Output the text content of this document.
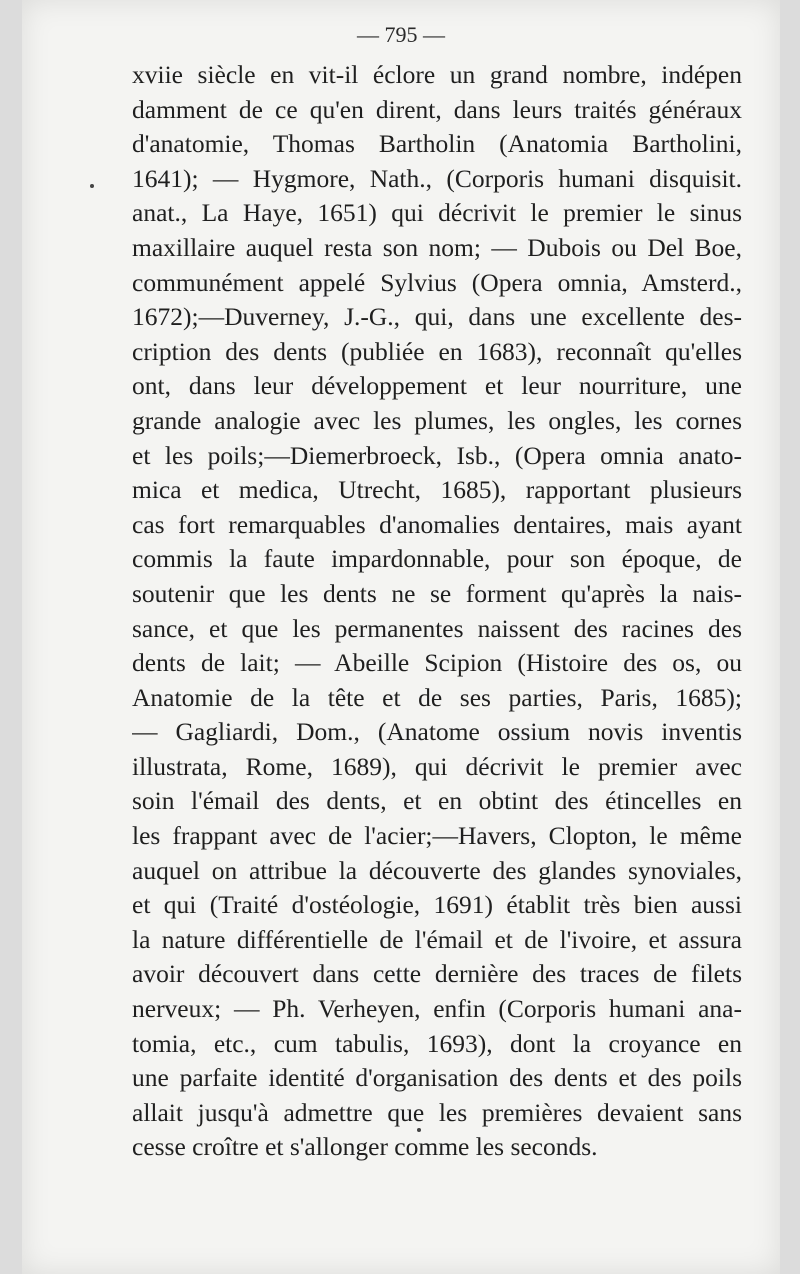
— 795 —
xviie siècle en vit-il éclore un grand nombre, indépen
damment de ce qu'en dirent, dans leurs traités généraux
d'anatomie, Thomas Bartholin (Anatomia Bartholini,
1641); — Hygmore, Nath., (Corporis humani disquisit.
anat., La Haye, 1651) qui décrivit le premier le sinus
maxillaire auquel resta son nom; — Dubois ou Del Boe,
communément appelé Sylvius (Opera omnia, Amsterd.,
1672);—Duverney, J.-G., qui, dans une excellente des-
cription des dents (publiée en 1683), reconnaît qu'elles
ont, dans leur développement et leur nourriture, une
grande analogie avec les plumes, les ongles, les cornes
et les poils;—Diemerbroeck, Isb., (Opera omnia anato-
mica et medica, Utrecht, 1685), rapportant plusieurs
cas fort remarquables d'anomalies dentaires, mais ayant
commis la faute impardonnable, pour son époque, de
soutenir que les dents ne se forment qu'après la nais-
sance, et que les permanentes naissent des racines des
dents de lait; — Abeille Scipion (Histoire des os, ou
Anatomie de la tête et de ses parties, Paris, 1685);
— Gagliardi, Dom., (Anatome ossium novis inventis
illustrata, Rome, 1689), qui décrivit le premier avec
soin l'émail des dents, et en obtint des étincelles en
les frappant avec de l'acier;—Havers, Clopton, le même
auquel on attribue la découverte des glandes synoviales,
et qui (Traité d'ostéologie, 1691) établit très bien aussi
la nature différentielle de l'émail et de l'ivoire, et assura
avoir découvert dans cette dernière des traces de filets
nerveux; — Ph. Verheyen, enfin (Corporis humani ana-
tomia, etc., cum tabulis, 1693), dont la croyance en
une parfaite identité d'organisation des dents et des poils
allait jusqu'à admettre que les premières devaient sans
cesse croître et s'allonger comme les seconds.
